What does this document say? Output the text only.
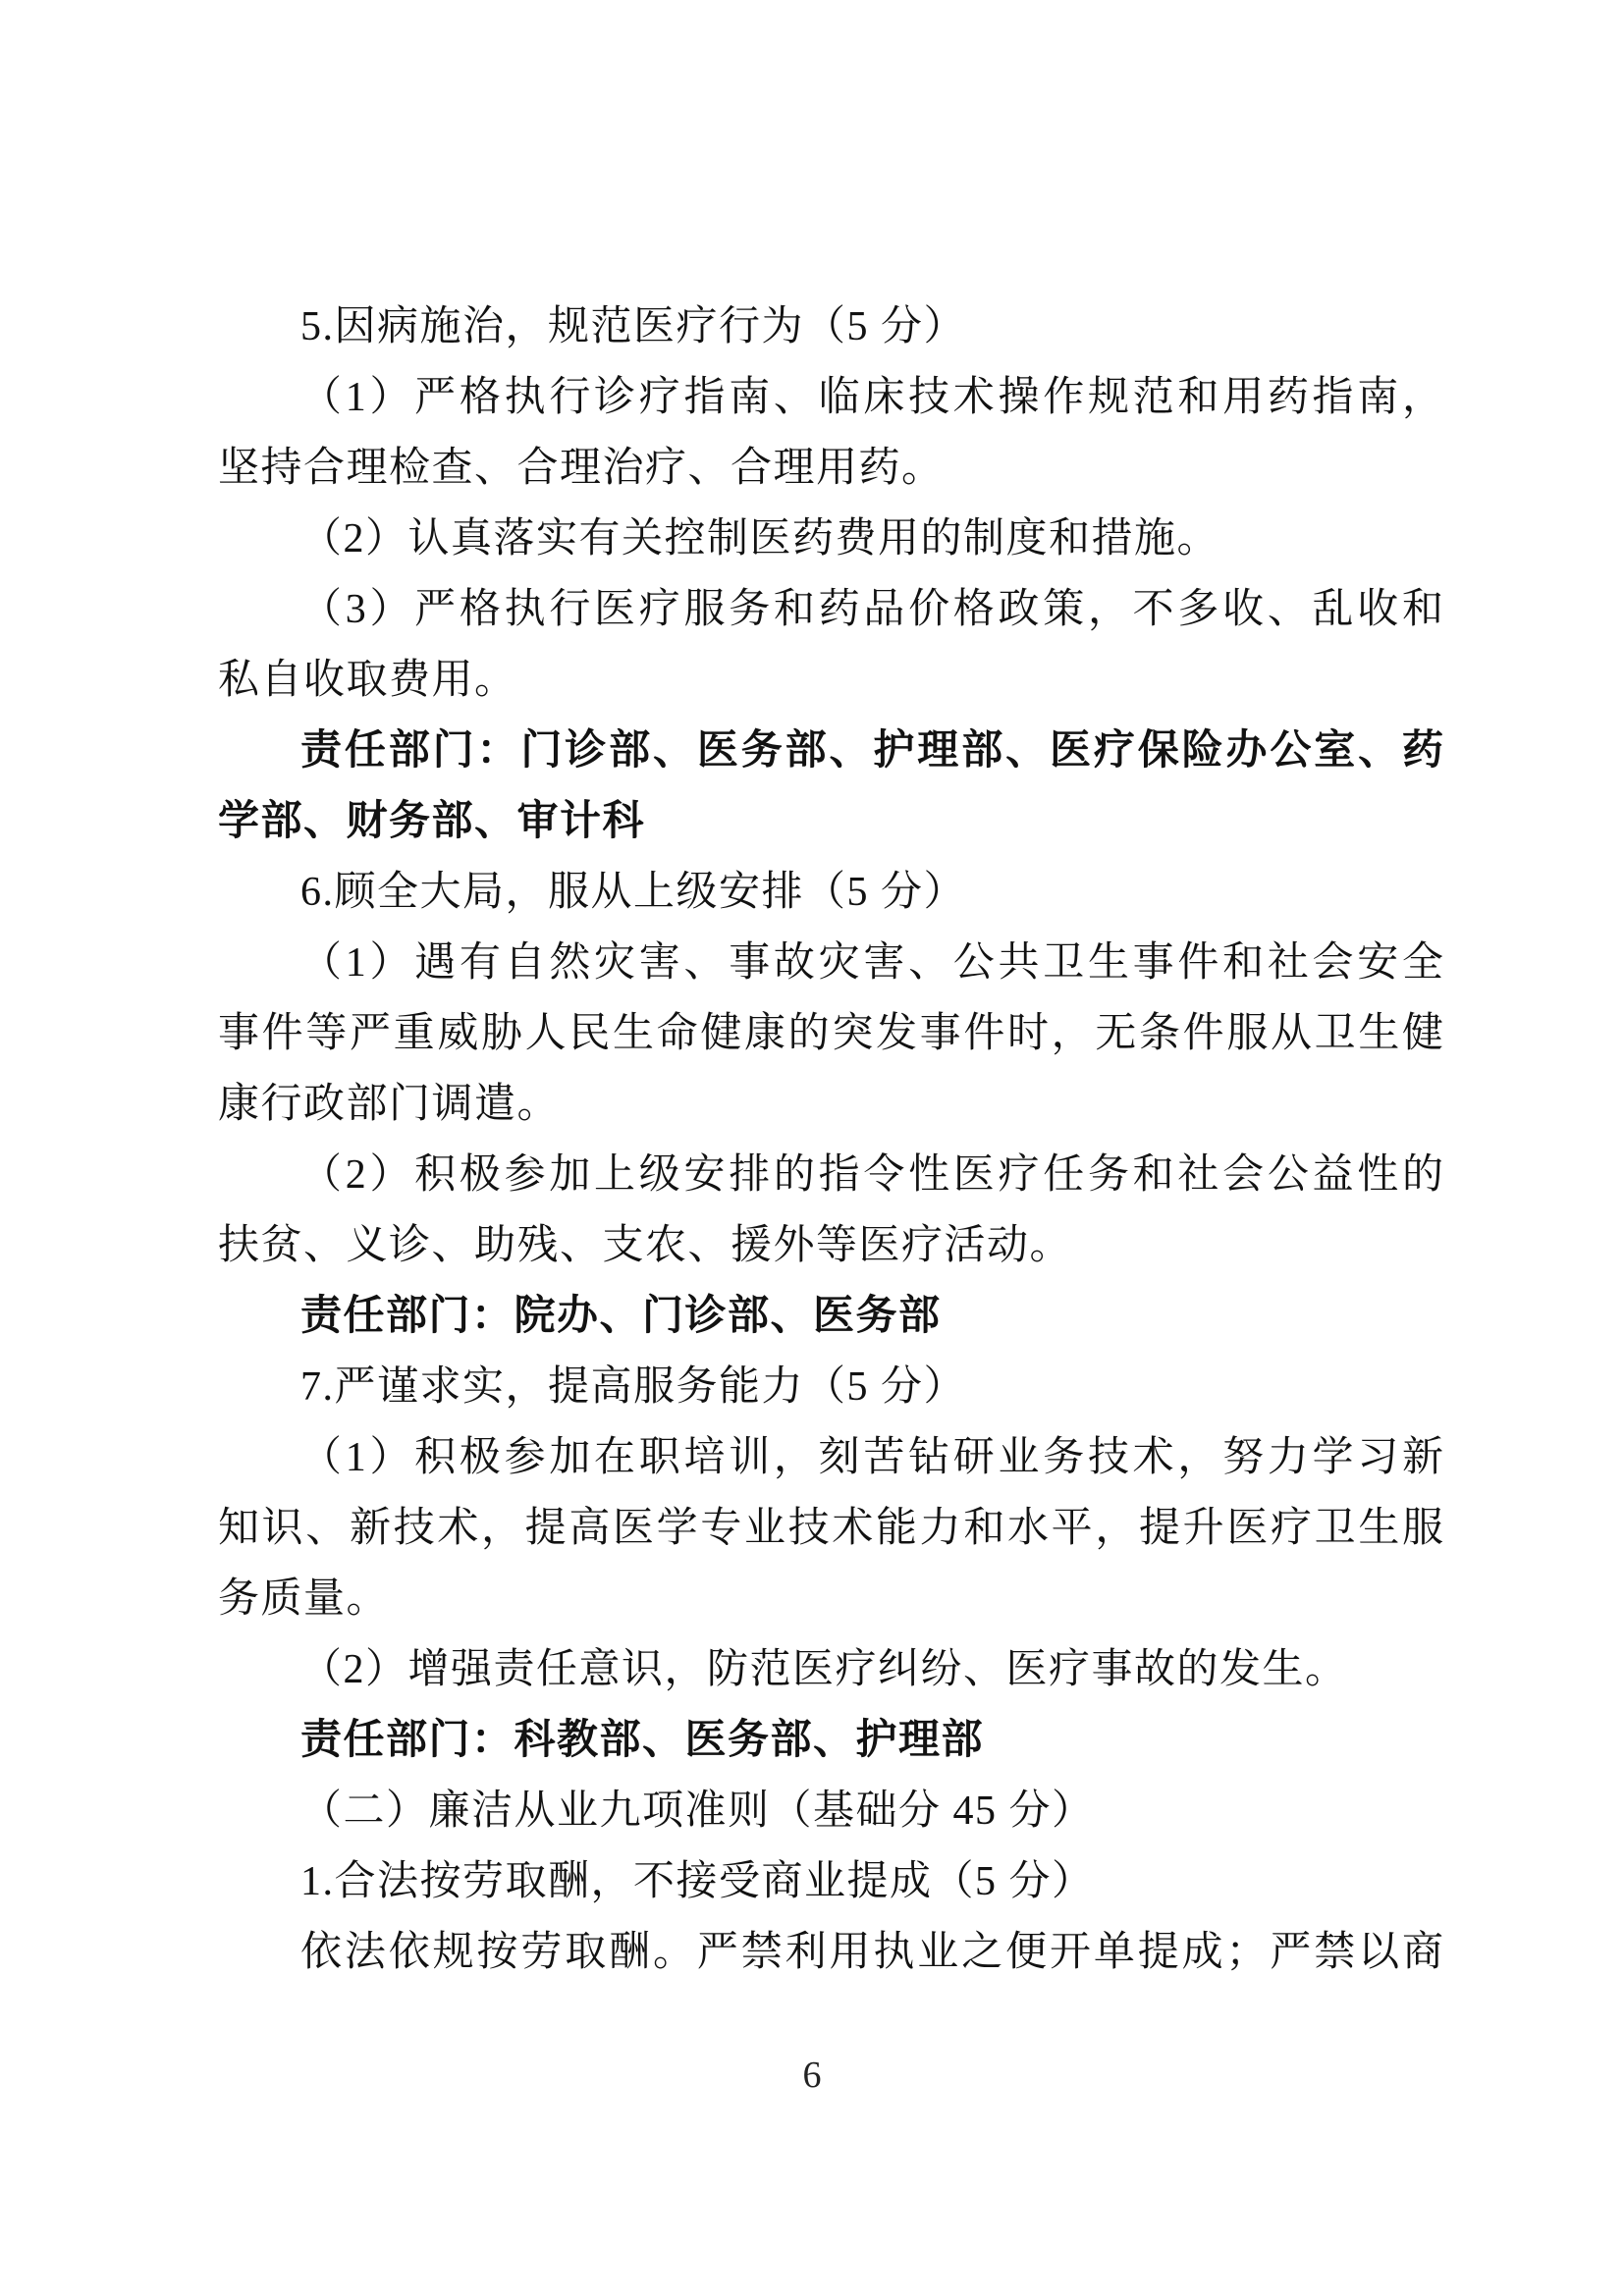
5.因病施治，规范医疗行为（5 分）
（1）严格执行诊疗指南、临床技术操作规范和用药指南，
坚持合理检查、合理治疗、合理用药。
（2）认真落实有关控制医药费用的制度和措施。
（3）严格执行医疗服务和药品价格政策，不多收、乱收和
私自收取费用。
责任部门：门诊部、医务部、护理部、医疗保险办公室、药
学部、财务部、审计科
6.顾全大局，服从上级安排（5 分）
（1）遇有自然灾害、事故灾害、公共卫生事件和社会安全
事件等严重威胁人民生命健康的突发事件时，无条件服从卫生健
康行政部门调遣。
（2）积极参加上级安排的指令性医疗任务和社会公益性的
扶贫、义诊、助残、支农、援外等医疗活动。
责任部门：院办、门诊部、医务部
7.严谨求实，提高服务能力（5 分）
（1）积极参加在职培训，刻苦钻研业务技术，努力学习新
知识、新技术，提高医学专业技术能力和水平，提升医疗卫生服
务质量。
（2）增强责任意识，防范医疗纠纷、医疗事故的发生。
责任部门：科教部、医务部、护理部
（二）廉洁从业九项准则（基础分 45 分）
1.合法按劳取酬，不接受商业提成（5 分）
依法依规按劳取酬。严禁利用执业之便开单提成；严禁以商
6
